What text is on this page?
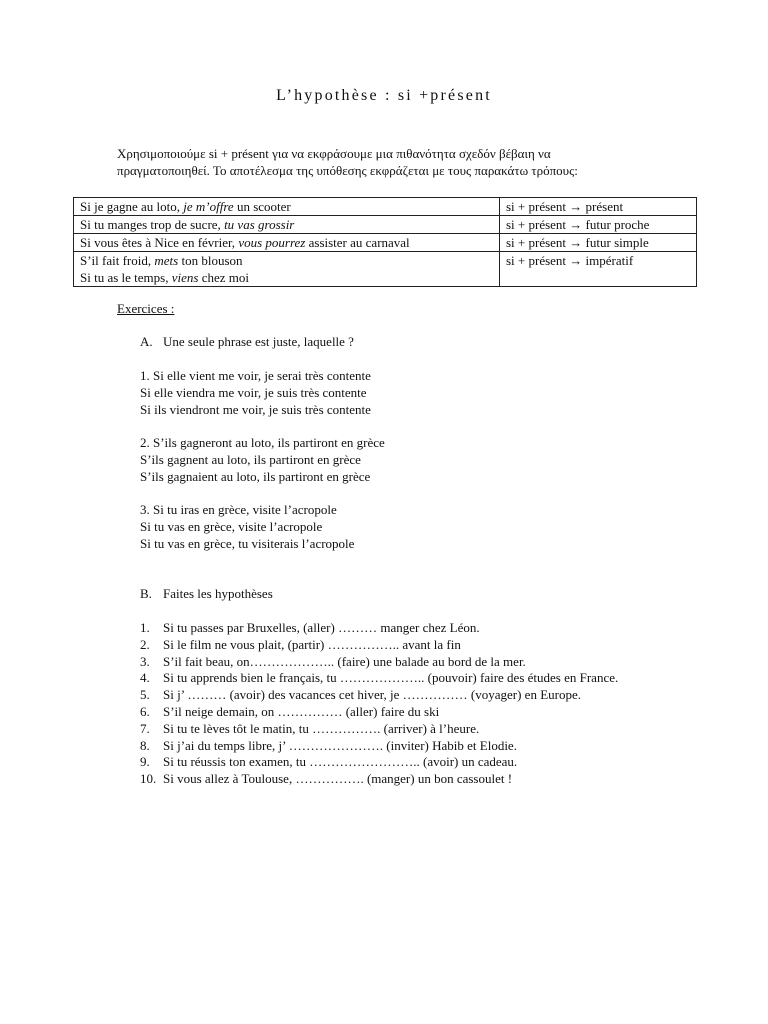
L’hypothèse : si +présent
Χρησιμοποιούμε si + présent για να εκφράσουμε μια πιθανότητα σχεδόν βέβαιη να
πραγματοποιηθεί. Το αποτέλεσμα της υπόθεσης εκφράζεται με τους παρακάτω τρόπους:
Si je gagne au loto, je m’offre un scooter	si + présent → présent

Si tu manges trop de sucre, tu vas grossir	si + présent → futur proche

Si vous êtes à Nice en février, vous pourrez assister au carnaval	si + présent → futur simple

S’il fait froid, mets ton blouson
Si tu as le temps, viens chez moi	si + présent → impératif
Exercices :
A. Une seule phrase est juste, laquelle ?
1. Si elle vient me voir, je serai très contente
Si elle viendra me voir, je suis très contente
Si ils viendront me voir, je suis très contente
2. S’ils gagneront au loto, ils partiront en grèce
S’ils gagnent au loto, ils partiront en grèce
S’ils gagnaient au loto, ils partiront en grèce
3. Si tu iras en grèce, visite l’acropole
Si tu vas en grèce, visite l’acropole
Si tu vas en grèce, tu visiterais l’acropole
B. Faites les hypothèses
1.	Si tu passes par Bruxelles, (aller) ……… manger chez Léon.
2.	Si le film ne vous plait, (partir) …………….. avant la fin
3.	S’il fait beau, on……………….. (faire) une balade au bord de la mer.
4.	Si tu apprends bien le français, tu ……………….. (pouvoir) faire des études en France.
5.	Si j’ ……… (avoir) des vacances cet hiver, je …………… (voyager) en Europe.
6.	S’il neige demain, on …………… (aller) faire du ski
7.	Si tu te lèves tôt le matin, tu ……………. (arriver) à l’heure.
8.	Si j’ai du temps libre, j’ …………………. (inviter) Habib et Elodie.
9.	Si tu réussis ton examen, tu …………………….. (avoir) un cadeau.
10. Si vous allez à Toulouse, ……………. (manger) un bon cassoulet !
